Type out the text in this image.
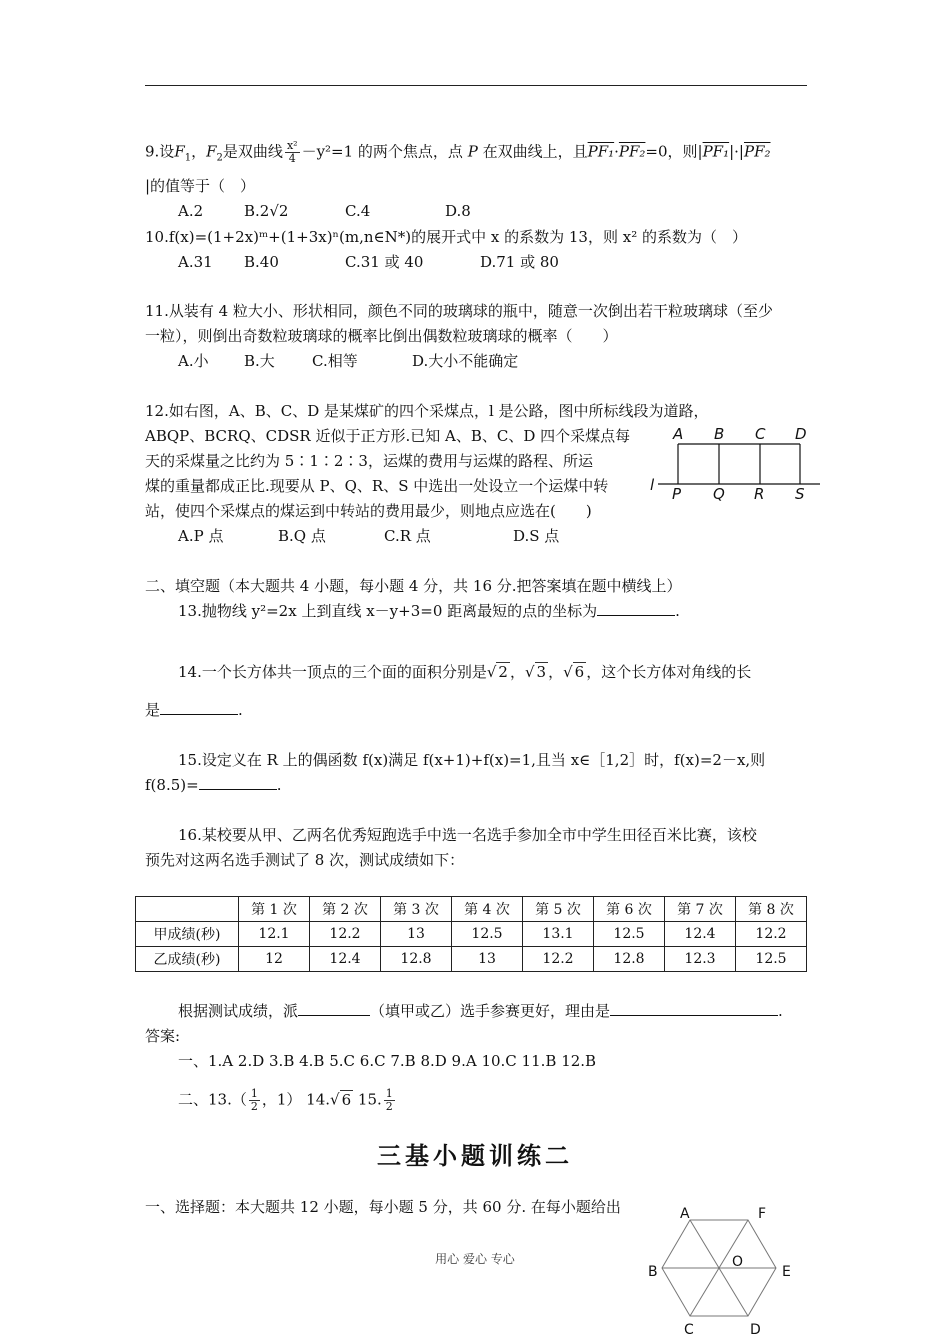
9.设$F_1$，$F_2$是双曲线 $\frac{\text{x²}}{4} -y^2=1$ 的两个焦点，点 P 在双曲线上，且PF₁·PF₂=0，则|PF₁|·|PF₂
|的值等于（　）
A.2	B.2√2	C.4	D.8
10.f(x)=(1+2x)ᵐ+(1+3x)ⁿ(m,n∈N*)的展开式中 x 的系数为 13，则 x² 的系数为（　）
A.31 B.40	C.31 或 40	D.71 或 80
11.从装有 4 粒大小、形状相同，颜色不同的玻璃球的瓶中，随意一次倒出若干粒玻璃球（至少
一粒），则倒出奇数粒玻璃球的概率比倒出偶数粒玻璃球的概率（　　）
A.小 B.大 C.相等	D.大小不能确定
12.如右图，A、B、C、D 是某煤矿的四个采煤点，l 是公路，图中所标线段为道路，
ABQP、BCRQ、CDSR 近似于正方形.已知 A、B、C、D 四个采煤点每
天的采煤量之比约为 5∶1∶2∶3，运煤的费用与运煤的路程、所运
煤的重量都成正比.现要从 P、Q、R、S 中选出一处设立一个运煤中转
站，使四个采煤点的煤运到中转站的费用最少，则地点应选在(　　)
A.P 点	B.Q 点	C.R 点	D.S 点
A B C D
l P Q R S
二、填空题（本大题共 4 小题，每小题 4 分，共 16 分.把答案填在题中横线上）
13.抛物线 y²=2x 上到直线 x－y+3=0 距离最短的点的坐标为	.
14.一个长方体共一顶点的三个面的面积分别是√ 2 ，√ 3 ，√ 6 ，这个长方体对角线的长
是	.
15.设定义在 R 上的偶函数 f(x)满足 f(x+1)+f(x)=1,且当 x∈［1,2］时，f(x)=2－x,则
f(8.5)=	.
16.某校要从甲、乙两名优秀短跑选手中选一名选手参加全市中学生田径百米比赛，该校
预先对这两名选手测试了 8 次，测试成绩如下：
	第 1 次	第 2 次	第 3 次	第 4 次	第 5 次	第 6 次	第 7 次	第 8 次
甲成绩(秒)	12.1	12.2	13	12.5	13.1	12.5	12.4	12.2
乙成绩(秒)	12	12.4	12.8	13	12.2	12.8	12.3	12.5
根据测试成绩，派	（填甲或乙）选手参赛更好，理由是	.
答案:
一、1.A 2.D 3.B 4.B 5.C 6.C 7.B 8.D 9.A 10.C 11.B 12.B
二、$13.( \frac{1}{2}$ ，1） 14.√ 6 15. $\frac{1}{2}$
三基小题训练二
一、选择题：本大题共 12 小题，每小题 5 分，共 60 分. 在每小题给出	A	F
B
O
E
C	D
用心 爱心 专心
